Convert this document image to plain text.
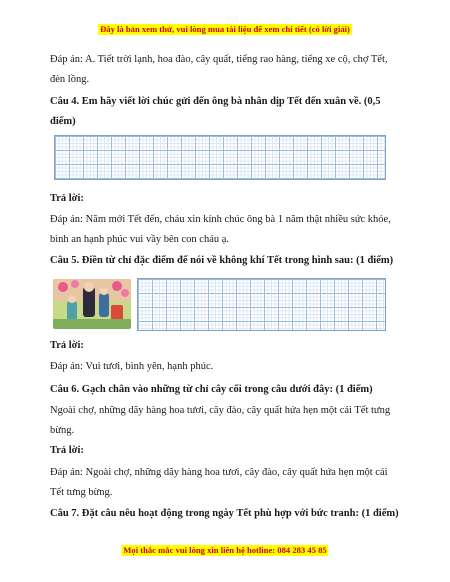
Đây là bản xem thử, vui lòng mua tài liệu để xem chi tiết (có lời giải)
Đáp án: A. Tiết trời lạnh, hoa đào, cây quất, tiếng rao hàng, tiếng xe cộ, chợ Tết, đèn lồng.
Câu 4. Em hãy viết lời chúc gửi đến ông bà nhân dịp Tết đến xuân về. (0,5 điểm)
Trả lời:
Đáp án: Năm mới Tết đến, cháu xin kính chúc ông bà 1 năm thật nhiều sức khỏe, bình an hạnh phúc vui vầy bên con cháu ạ.
Câu 5. Điền từ chỉ đặc điểm để nói về không khí Tết trong hình sau: (1 điểm)
Trả lời:
Đáp án: Vui tươi, bình yên, hạnh phúc.
Câu 6. Gạch chân vào những từ chỉ cây cối trong câu dưới đây: (1 điểm)
Ngoài chợ, những dãy hàng hoa tươi, cây đào, cây quất hứa hẹn một cái Tết tưng bừng.
Trả lời:
Đáp án: Ngoài chợ, những dãy hàng hoa tươi, cây đào, cây quất hứa hẹn một cái Tết tưng bừng.
Câu 7. Đặt câu nêu hoạt động trong ngày Tết phù hợp với bức tranh: (1 điểm)
Mọi thắc mắc vui lòng xin liên hệ hotline: 084 283 45 85
